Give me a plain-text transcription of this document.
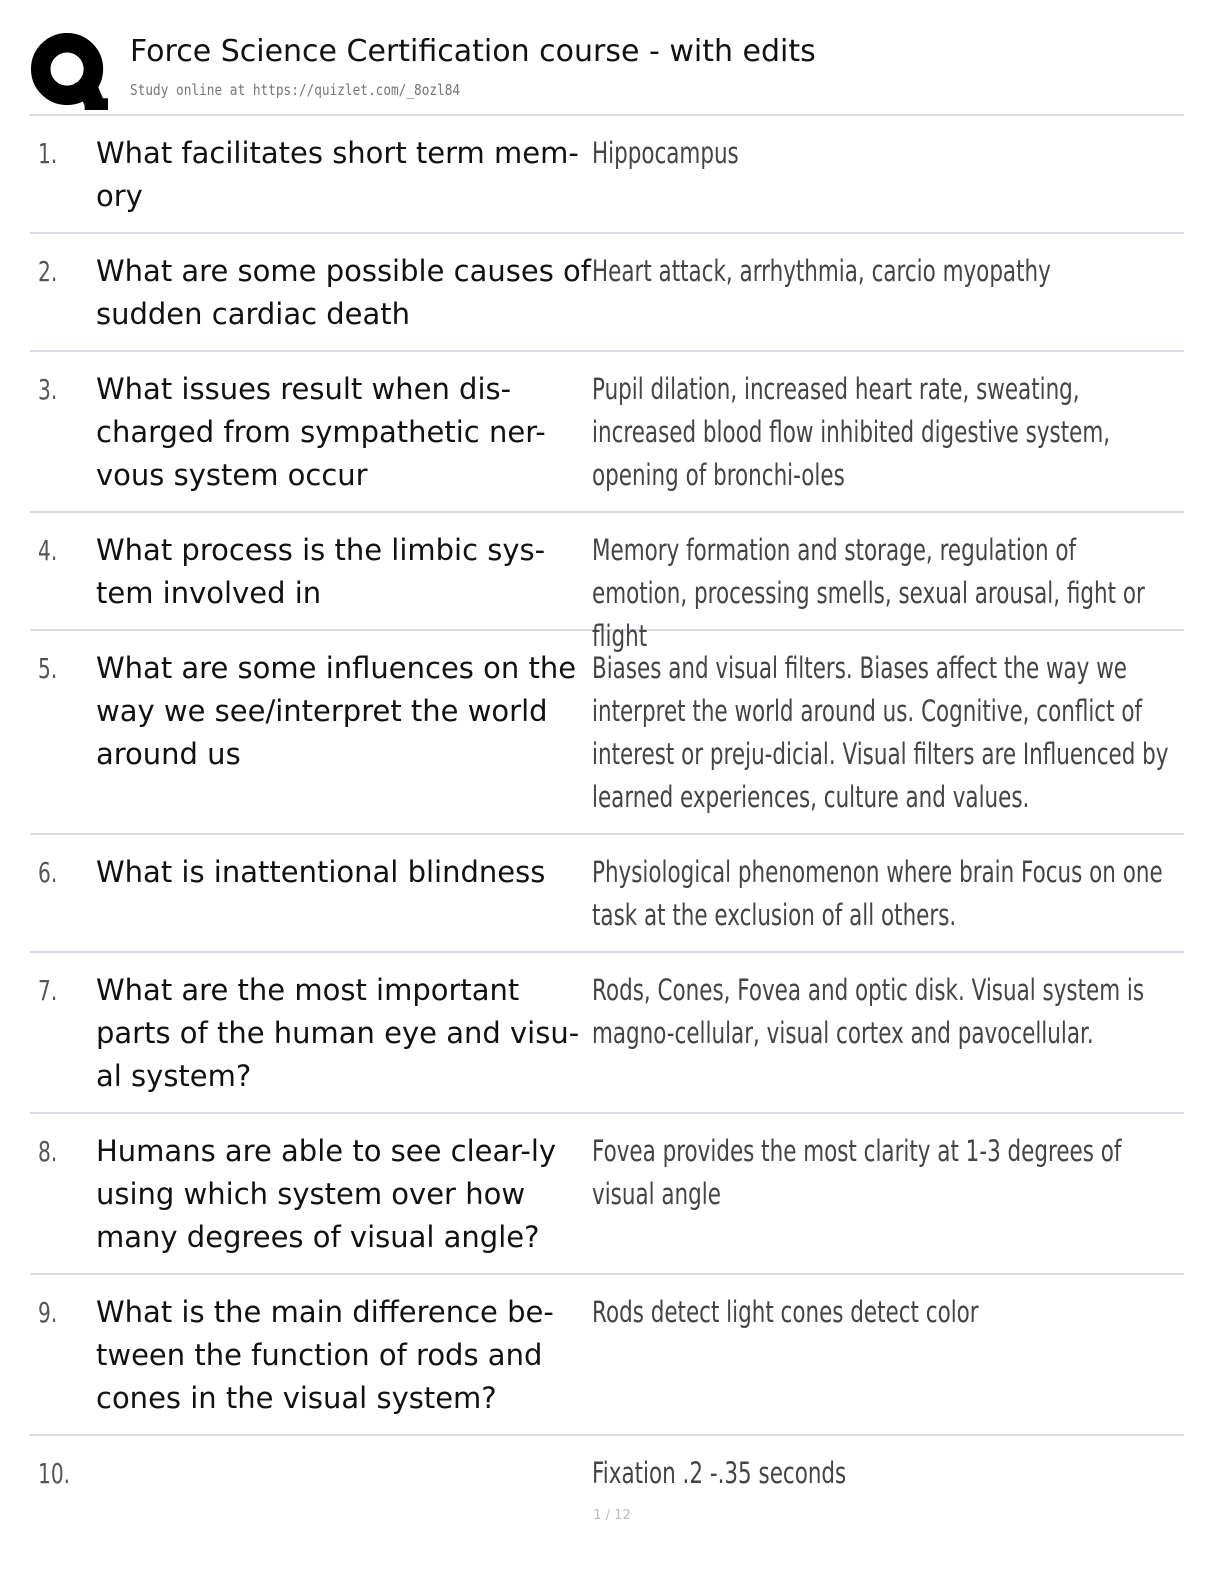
Force Science Certification course - with edits
Study online at https://quizlet.com/_8ozl84
1. What facilitates short term mem-
ory
Hippocampus
2. What are some possible causes of sudden cardiac death
Heart attack, arrhythmia, carcio myopathy
3. What issues result when dis-charged from sympathetic ner-vous system occur
Pupil dilation, increased heart rate, sweating, increased blood flow inhibited digestive system, opening of bronchi-oles
4. What process is the limbic sys-tem involved in
Memory formation and storage, regulation of emotion, processing smells, sexual arousal, fight or flight
5. What are some influences on the way we see/interpret the world around us
Biases and visual filters. Biases affect the way we interpret the world around us. Cognitive, conflict of interest or preju-dicial. Visual filters are Influenced by learned experiences, culture and values.
6. What is inattentional blindness	Physiological phenomenon where brain Focus on one task at the exclusion of all others.
7. What are the most important parts of the human eye and visu-al system?
Rods, Cones, Fovea and optic disk. Visual system is magno-cellular, visual cortex and pavocellular.
8. Humans are able to see clear-ly using which system over how many degrees of visual angle?
Fovea provides the most clarity at 1-3 degrees of visual angle
9. What is the main difference be-tween the function of rods and cones in the visual system?
Rods detect light cones detect color
10.	Fixation .2 -.35 seconds
1 / 12
